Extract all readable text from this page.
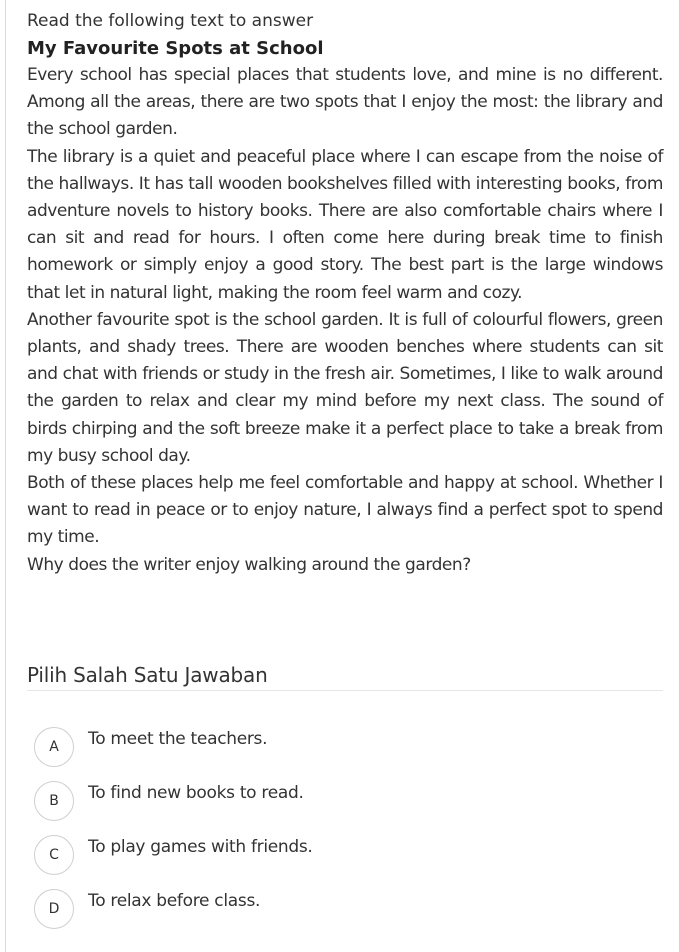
Read the following text to answer

My Favourite Spots at School

Every school has special places that students love, and mine is no different. Among all the areas, there are two spots that I enjoy the most: the library and the school garden.

The library is a quiet and peaceful place where I can escape from the noise of the hallways. It has tall wooden bookshelves filled with interesting books, from adventure novels to history books. There are also comfortable chairs where I can sit and read for hours. I often come here during break time to finish homework or simply enjoy a good story. The best part is the large windows that let in natural light, making the room feel warm and cozy.

Another favourite spot is the school garden. It is full of colourful flowers, green plants, and shady trees. There are wooden benches where students can sit and chat with friends or study in the fresh air. Sometimes, I like to walk around the garden to relax and clear my mind before my next class. The sound of birds chirping and the soft breeze make it a perfect place to take a break from my busy school day.

Both of these places help me feel comfortable and happy at school. Whether I want to read in peace or to enjoy nature, I always find a perfect spot to spend my time.

Why does the writer enjoy walking around the garden?

Pilih Salah Satu Jawaban

A	To meet the teachers.
B	To find new books to read.
C	To play games with friends.
D	To relax before class.
